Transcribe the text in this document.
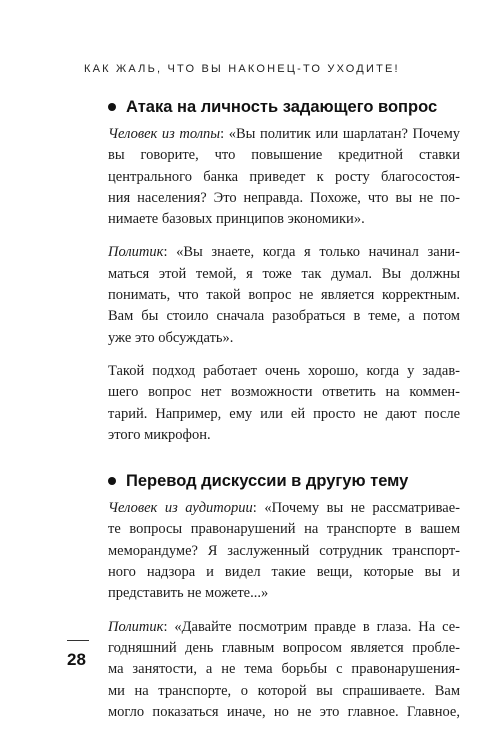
КАК ЖАЛЬ, ЧТО ВЫ НАКОНЕЦ-ТО УХОДИТЕ!
Атака на личность задающего вопрос

Человек из толпы: «Вы политик или шарлатан? Почему
вы говорите, что повышение кредитной ставки
центрального банка приведет к росту благосостоя-
ния населения? Это неправда. Похоже, что вы не по-
нимаете базовых принципов экономики».

Политик: «Вы знаете, когда я только начинал зани-
маться этой темой, я тоже так думал. Вы должны
понимать, что такой вопрос не является корректным.
Вам бы стоило сначала разобраться в теме, а потом
уже это обсуждать».

Такой подход работает очень хорошо, когда у задав-
шего вопрос нет возможности ответить на коммен-
тарий. Например, ему или ей просто не дают после
этого микрофон.

Перевод дискуссии в другую тему

Человек из аудитории: «Почему вы не рассматривае-
те вопросы правонарушений на транспорте в вашем
меморандуме? Я заслуженный сотрудник транспорт-
ного надзора и видел такие вещи, которые вы и
представить не можете...»

Политик: «Давайте посмотрим правде в глаза. На се-
годняшний день главным вопросом является пробле-
ма занятости, а не тема борьбы с правонарушения-
ми на транспорте, о которой вы спрашиваете. Вам
могло показаться иначе, но не это главное. Главное,

28
